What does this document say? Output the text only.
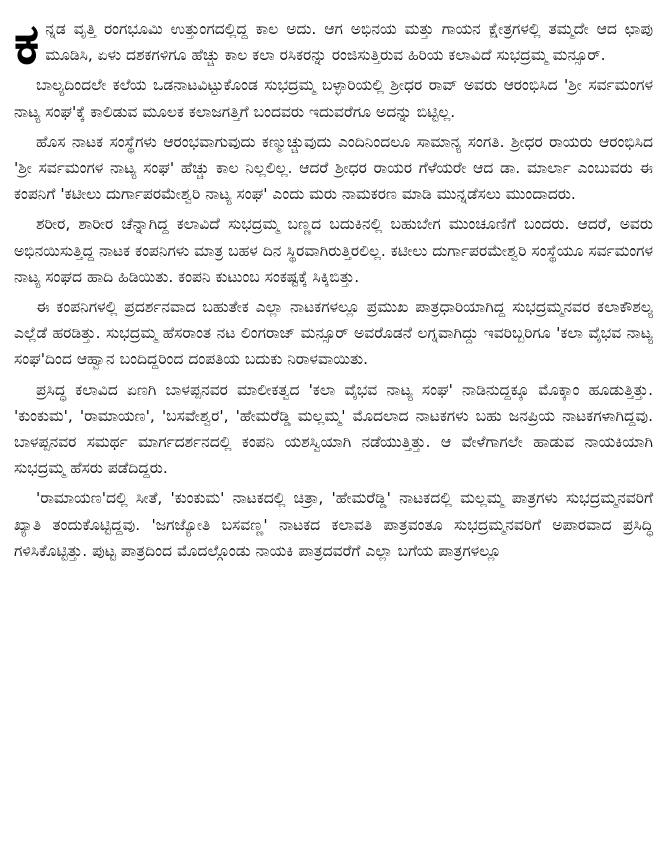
ಕನ್ನಡ ವೃತ್ತಿ ರಂಗಭೂಮಿ ಉತ್ತುಂಗದಲ್ಲಿದ್ದ ಕಾಲ ಅದು. ಆಗ ಅಭಿನಯ ಮತ್ತು ಗಾಯನ ಕ್ಷೇತ್ರಗಳಲ್ಲಿ ತಮ್ಮದೇ ಆದ ಛಾಪು ಮೂಡಿಸಿ, ಏಳು ದಶಕಗಳಿಗೂ ಹೆಚ್ಚು ಕಾಲ ಕಲಾ ರಸಿಕರನ್ನು ರಂಜಿಸುತ್ತಿರುವ ಹಿರಿಯ ಕಲಾವಿದೆ ಸುಭದ್ರಮ್ಮ ಮನ್ಸೂರ್.

ಬಾಲ್ಯದಿಂದಲೇ ಕಲೆಯ ಒಡನಾಟವಿಟ್ಟುಕೊಂಡ ಸುಭದ್ರಮ್ಮ ಬಳ್ಳಾರಿಯಲ್ಲಿ ಶ್ರೀಧರ ರಾವ್ ಅವರು ಆರಂಭಿಸಿದ 'ಶ್ರೀ ಸರ್ವಮಂಗಳ ನಾಟ್ಯ ಸಂಘ'ಕ್ಕೆ ಕಾಲಿಡುವ ಮೂಲಕ ಕಲಾಜಗತ್ತಿಗೆ ಬಂದವರು ಇದುವರೆಗೂ ಅದನ್ನು ಬಿಟ್ಟಿಲ್ಲ.

ಹೊಸ ನಾಟಕ ಸಂಸ್ಥೆಗಳು ಆರಂಭವಾಗುವುದು ಕಣ್ಮುಚ್ಚುವುದು ಎಂದಿನಿಂದಲೂ ಸಾಮಾನ್ಯ ಸಂಗತಿ. ಶ್ರೀಧರ ರಾಯರು ಆರಂಭಿಸಿದ 'ಶ್ರೀ ಸರ್ವಮಂಗಳ ನಾಟ್ಯ ಸಂಘ' ಹೆಚ್ಚು ಕಾಲ ನಿಲ್ಲಲಿಲ್ಲ. ಆದರೆ ಶ್ರೀಧರ ರಾಯರ ಗೆಳೆಯರೇ ಆದ ಡಾ. ಮಾರ್ಲಾ ಎಂಬುವರು ಈ ಕಂಪನಿಗೆ 'ಕಟೀಲು ದುರ್ಗಾಪರಮೇಶ್ವರಿ ನಾಟ್ಯ ಸಂಘ' ಎಂದು ಮರು ನಾಮಕರಣ ಮಾಡಿ ಮುನ್ನಡೆಸಲು ಮುಂದಾದರು.

ಶರೀರ, ಶಾರೀರ ಚೆನ್ನಾಗಿದ್ದ ಕಲಾವಿದೆ ಸುಭದ್ರಮ್ಮ ಬಣ್ಣದ ಬದುಕಿನಲ್ಲಿ ಬಹುಬೇಗ ಮುಂಚೂಣಿಗೆ ಬಂದರು. ಆದರೆ, ಅವರು ಅಭಿನಯಿಸುತ್ತಿದ್ದ ನಾಟಕ ಕಂಪನಿಗಳು ಮಾತ್ರ ಬಹಳ ದಿನ ಸ್ಥಿರವಾಗಿರುತ್ತಿರಲಿಲ್ಲ. ಕಟೀಲು ದುರ್ಗಾಪರಮೇಶ್ವರಿ ಸಂಸ್ಥೆಯೂ ಸರ್ವಮಂಗಳ ನಾಟ್ಯ ಸಂಘದ ಹಾದಿ ಹಿಡಿಯಿತು. ಕಂಪನಿ ಕುಟುಂಬ ಸಂಕಷ್ಟಕ್ಕೆ ಸಿಕ್ಕಿಬಿತ್ತು.

ಈ ಕಂಪನಿಗಳಲ್ಲಿ ಪ್ರದರ್ಶನವಾದ ಬಹುತೇಕ ಎಲ್ಲಾ ನಾಟಕಗಳಲ್ಲೂ ಪ್ರಮುಖ ಪಾತ್ರಧಾರಿಯಾಗಿದ್ದ ಸುಭದ್ರಮ್ಮನವರ ಕಲಾಕೌಶಲ್ಯ ಎಲ್ಲೆಡೆ ಹರಡಿತ್ತು. ಸುಭದ್ರಮ್ಮ ಹೆಸರಾಂತ ನಟ ಲಿಂಗರಾಜ್ ಮನ್ಸೂರ್ ಅವರೊಡನೆ ಲಗ್ನವಾಗಿದ್ದು ಇವರಿಬ್ಬರಿಗೂ 'ಕಲಾ ವೈಭವ ನಾಟ್ಯ ಸಂಘ'ದಿಂದ ಆಹ್ವಾನ ಬಂದಿದ್ದರಿಂದ ದಂಪತಿಯ ಬದುಕು ನಿರಾಳವಾಯಿತು.

ಪ್ರಸಿದ್ಧ ಕಲಾವಿದ ಏಣಗಿ ಬಾಳಪ್ಪನವರ ಮಾಲೀಕತ್ವದ 'ಕಲಾ ವೈಭವ ನಾಟ್ಯ ಸಂಘ' ನಾಡಿನುದ್ದಕ್ಕೂ ಮೊಕ್ಕಾಂ ಹೂಡುತ್ತಿತ್ತು. 'ಕುಂಕುಮ', 'ರಾಮಾಯಣ', 'ಬಸವೇಶ್ವರ', 'ಹೇಮರೆಡ್ಡಿ ಮಲ್ಲಮ್ಮ' ಮೊದಲಾದ ನಾಟಕಗಳು ಬಹು ಜನಪ್ರಿಯ ನಾಟಕಗಳಾಗಿದ್ದವು. ಬಾಳಪ್ಪನವರ ಸಮರ್ಥ ಮಾರ್ಗದರ್ಶನದಲ್ಲಿ ಕಂಪನಿ ಯಶಸ್ವಿಯಾಗಿ ನಡೆಯುತ್ತಿತ್ತು. ಆ ವೇಳೆಗಾಗಲೇ ಹಾಡುವ ನಾಯಕಿಯಾಗಿ ಸುಭದ್ರಮ್ಮ ಹೆಸರು ಪಡೆದಿದ್ದರು.

'ರಾಮಾಯಣ'ದಲ್ಲಿ ಸೀತೆ, 'ಕುಂಕುಮ' ನಾಟಕದಲ್ಲಿ ಚಿತ್ರಾ, 'ಹೇಮರೆಡ್ಡಿ' ನಾಟಕದಲ್ಲಿ ಮಲ್ಲಮ್ಮ ಪಾತ್ರಗಳು ಸುಭದ್ರಮ್ಮನವರಿಗೆ ಖ್ಯಾತಿ ತಂದುಕೊಟ್ಟಿದ್ದವು. 'ಜಗಜ್ಯೋತಿ ಬಸವಣ್ಣ' ನಾಟಕದ ಕಲಾವತಿ ಪಾತ್ರವಂತೂ ಸುಭದ್ರಮ್ಮನವರಿಗೆ ಅಪಾರವಾದ ಪ್ರಸಿದ್ಧಿ ಗಳಿಸಿಕೊಟ್ಟಿತ್ತು. ಪುಟ್ಟ ಪಾತ್ರದಿಂದ ಮೊದಲ್ಗೊಂಡು ನಾಯಕಿ ಪಾತ್ರದವರೆಗೆ ಎಲ್ಲಾ ಬಗೆಯ ಪಾತ್ರಗಳಲ್ಲೂ
